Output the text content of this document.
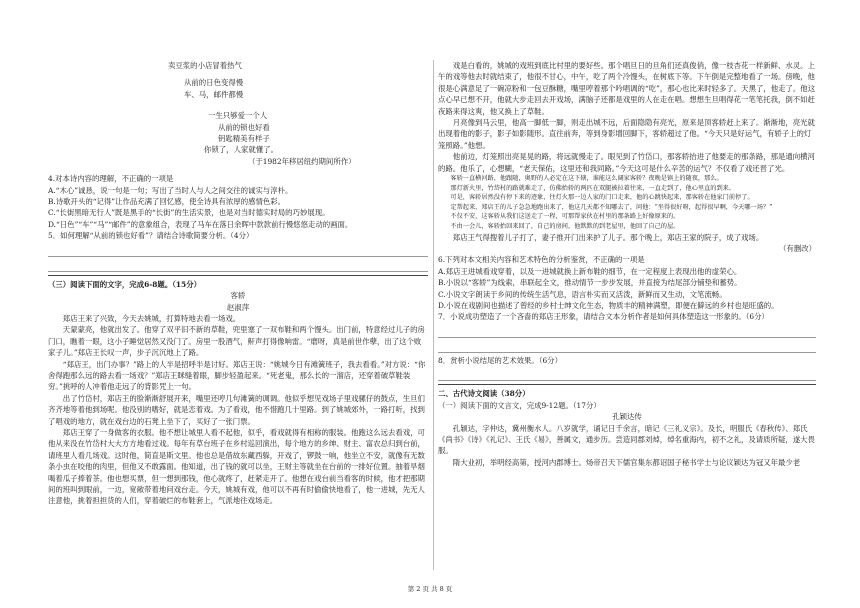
卖豆浆的小店冒着热气

从前的日色变得慢

车、马，邮件都慢

一生只够爱一个人

从前的锁也好看

钥匙精美有样子

你锁了，人家就懂了。

（于1982年移居纽约期间所作）

4.对本诗内容的理解，不正确的一项是

A.“木心”诚恳，说一句是一句；写出了当时人与人之间交往的诚实与淳朴。

B.诗歌开头的“记得”让作品充满了回忆感，使全诗具有浓厚的感情色彩。

C.“长街黑暗无行人”既是黑手的“长街”的生活实景，也是对当时德实时局的巧妙展现。

D.“日色”“车”“马”“邮件”的意象组合，表现了马车在落日余晖中款款前行慢悠悠走动的画面。

5．如何理解“从前的锁也好看”？请结合诗歌简要分析。（4分）

（三）阅读下面的文字，完成6-8题。（15分）

客轿

赵淑萍

郑店王来了兴致，今天去姚城，打算特地去看一场戏。

天蒙蒙亮，他就出发了。他穿了双平旧不新的草鞋，兜里塞了一双布鞋和两个馒头。出门前，特意经过儿子的房门口，瞧着一眼，这小子睡觉居然又没门了。房里一股酒气，鼾声打得像响雷。“磨呀，真是前世作孽，出了这个败家子儿。”郑店王长叹一声，步子沉沉地上了路。

“郑店王，出门办事？”路上的人半是招呼半是讨好。郑店王说：“姚城今日有滩簧班子，我去看看。”对方说：“你舍得跑那么远的路去看一场戏？”郑店王眯缝着眼，脚步轻盈起来。“死老鬼，那么长的一溜店，还穿着破草鞋装穷。”挑呼的人冲着他走远了的背影咒上一句。

出了竹岱村，郑店王的脸渐渐舒展开来，嘴里还哼几句滩簧的调调。他似乎想见戏场子里戏骡仔的鼓点，生旦们齐齐地等着他到场呢。他没别的嗜好，就是恋着戏。为了看戏，他不惜跑几十里路。到了姚城郊外，一路打听，找到了唱戏的地方，就在戏台边的石凳上坐下了，买好了一张门票。

郑店王穿了一身做客的衣服。他不想让城里人看不起他，似乎，看戏就得有相称的服装。他跑这么远去看戏，可他从来没在竹岱村大大方方地看过戏。每年有草台班子在乡村巡回演出，每个地方的乡绅、财主、富农总归到台前，请班里人看几场戏。这时他，简直是斯文里。他也总是借故东藏西躲，开戏了，锣鼓一响，他坐立不安，就像有无数条小虫在咬他的肉里，但他又不敢露面。他知道，出了钱的就可以坐，王财主等就坐在台前的一排好位置。抽着旱烟喝着瓜子捧着茶。他也想买票，但一想到那钱，他心就疼了，赶紧走开了。他想在戏台前当看客的时候，他才把那期间的班叫到眼前，一边，宽敞带着地问戏台走。今天，姚城有戏，他可以不再有时偷偷快地看了，他一进城，先无人注意他，挑着担担货的人们，穿着破烂的布鞋套上，气派地往戏场走。

戏是白看的，姚城的戏班到底比村里的要好些。那个唱旦日的旦角们还真俊俏，像一枝杏花一样新鲜、水灵。上午的戏等他去时就结束了，他很不甘心，中午，吃了两个冷馒头，在树底下等。下午倒是完整地看了一场。傍晚，他很是心满意足了一碗凉粉和一包豆酥糖，嘴里哼着那个吟唱调的“吃”，那心也比来时轻多了。天黑了，他走了。他这点心早已想不开，他就大步走回去开戏场，满脑子还都是戏里的人在走在唱。想想生旦唱得花一笔笔托我，倒不如赶夜路来得这爽，他又换上了草鞋。

月亮像到马云里，他高一脚低一脚，则走出城不远，后面隐隐有亮光，原来是顶客轿赶上来了。渐渐地，亮光就出现着他的影子，影子如影随形。直往前奔，等到身影增回脚下，客轿超过了他。“今天只是好运气，有轿子上的灯笼照路。”他想。

他前边，灯笼照出亮晃晃的路，将远就慢走了。眼见到了竹岱口，那客轿抬进了他要走的那条路，那是通向横河的路。他乐了，心想糊，“老天保佑，这里还和我同路。”今天这可是什么辛苦的运气？不仅看了戏还晋了光。

客轿一直横河路，他跟随，奥野的人必定在这下辖，谁能这么阔家客轿？夜晚是镇上的随夜，那么。

那灯新火里，竹岱村的路就难走了，仿佛抬轿的两匹在双腿被拉着往来，一直走到了，他心里直的到来。

可是，客轿居然没有停下来的迹象，往灯火那一边人家的门口走来，他的心跳快起来，那客轿在他家门前停了。

定帮起来，郑店王的儿子急急地跑出来了，他这几天都不知哪去了，问他：“坐得很好呀，起得很早啊，今天哪一场？”

不仅不安，这客轿从我们这送走了一程，可那帮家伙在村里的那条路上好像原来的。

不由一会儿，客轿抬回来回了，自己的房间，他默默的到老屋里，他回了自己的屋。

郑店王气得搜着儿子打了，妻子推开门出来护了儿子。那个晚上，郑店王家的院子，成了戏场。

（有删改）

6.下列对本文相关内容和艺术特色的分析鉴赏，不正确的一项是

A.郑店王进城看戏穿着，以及一进城就换上新布鞋的细节，在一定程度上表现出他的虚荣心。

B.小说以“客轿”为线索，串联起全文，推动情节一步步发展，并直接为结尾部分铺垫和蓄势。

C.小说文字朗读于乡间的传统生活气息，语言朴实而又活泼，新鲜而又生动，文笔流畅。

D.小说在戏剧间也描述了曾经的乡村士绅文化生态，物质丰的精神满塑，即便在僻远的乡村也是旺盛的。

7．小说成功塑造了一个吝啬的郑店王形象，请结合文本分析作者是如何具体塑造这一形象的。（6分）

8．赏析小说结尾的艺术效果。（6分）

二、古代诗文阅读（38分）

（一）阅读下面的文言文，完成9-12题。（17分）

孔颖达传

孔颖达，字仲达，冀州衡水人。八岁就学，诵记日千余言，暗记《三礼义宗》。及长，明服氏《春秋传》、郑氏《尚书》《诗》《礼记》、王氏《易》，善属文，通步历。尝造同郡刘焯，焯名重海内，初不之礼，及请质所疑，遂大畏服。

隋大业初，举明经高第，授河内郡博士。炀帝召天下儒官集东都诏国子秘书学士与论议颖达为冠又年最少老

第 2 页 共 8 页
